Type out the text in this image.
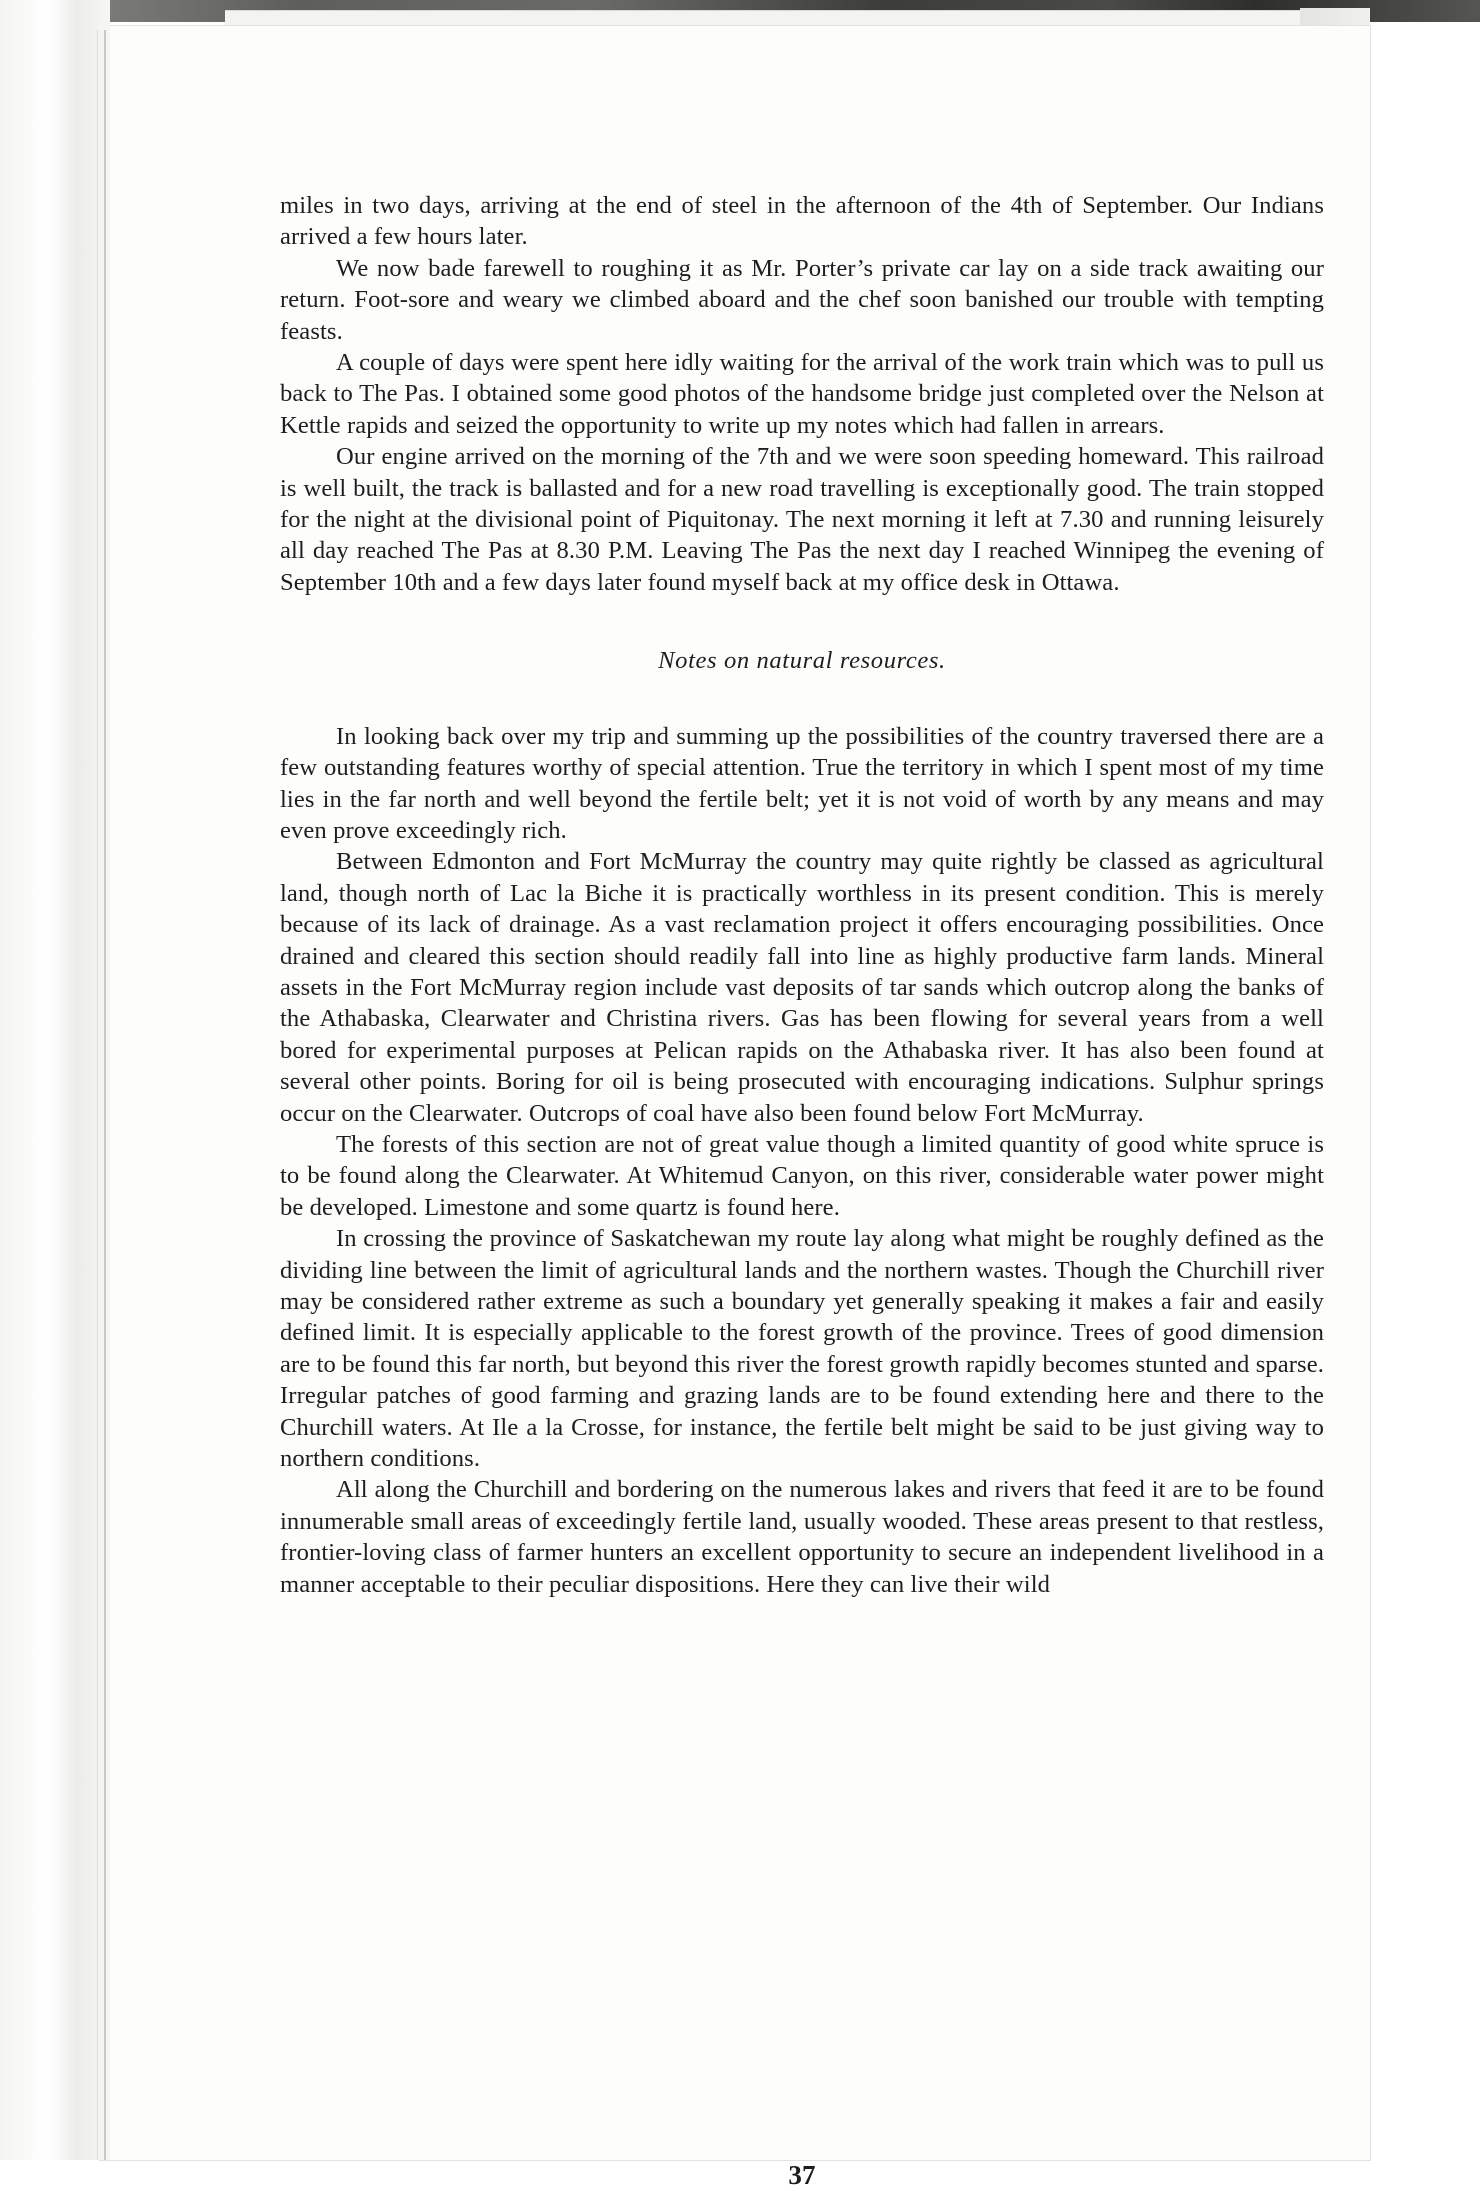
miles in two days, arriving at the end of steel in the afternoon of the 4th of September. Our Indians arrived a few hours later.

We now bade farewell to roughing it as Mr. Porter’s private car lay on a side track awaiting our return. Foot-sore and weary we climbed aboard and the chef soon banished our trouble with tempting feasts.

A couple of days were spent here idly waiting for the arrival of the work train which was to pull us back to The Pas. I obtained some good photos of the handsome bridge just completed over the Nelson at Kettle rapids and seized the opportunity to write up my notes which had fallen in arrears.

Our engine arrived on the morning of the 7th and we were soon speeding homeward. This railroad is well built, the track is ballasted and for a new road travelling is exceptionally good. The train stopped for the night at the divisional point of Piquitonay. The next morning it left at 7.30 and running leisurely all day reached The Pas at 8.30 P.M. Leaving The Pas the next day I reached Winnipeg the evening of September 10th and a few days later found myself back at my office desk in Ottawa.

Notes on natural resources.

In looking back over my trip and summing up the possibilities of the country traversed there are a few outstanding features worthy of special attention. True the territory in which I spent most of my time lies in the far north and well beyond the fertile belt; yet it is not void of worth by any means and may even prove exceedingly rich.

Between Edmonton and Fort McMurray the country may quite rightly be classed as agricultural land, though north of Lac la Biche it is practically worthless in its present condition. This is merely because of its lack of drainage. As a vast reclamation project it offers encouraging possibilities. Once drained and cleared this section should readily fall into line as highly productive farm lands. Mineral assets in the Fort McMurray region include vast deposits of tar sands which outcrop along the banks of the Athabaska, Clearwater and Christina rivers. Gas has been flowing for several years from a well bored for experimental purposes at Pelican rapids on the Athabaska river. It has also been found at several other points. Boring for oil is being prosecuted with encouraging indications. Sulphur springs occur on the Clearwater. Outcrops of coal have also been found below Fort McMurray.

The forests of this section are not of great value though a limited quantity of good white spruce is to be found along the Clearwater. At Whitemud Canyon, on this river, considerable water power might be developed. Limestone and some quartz is found here.

In crossing the province of Saskatchewan my route lay along what might be roughly defined as the dividing line between the limit of agricultural lands and the northern wastes. Though the Churchill river may be considered rather extreme as such a boundary yet generally speaking it makes a fair and easily defined limit. It is especially applicable to the forest growth of the province. Trees of good dimension are to be found this far north, but beyond this river the forest growth rapidly becomes stunted and sparse. Irregular patches of good farming and grazing lands are to be found extending here and there to the Churchill waters. At Ile a la Crosse, for instance, the fertile belt might be said to be just giving way to northern conditions.

All along the Churchill and bordering on the numerous lakes and rivers that feed it are to be found innumerable small areas of exceedingly fertile land, usually wooded. These areas present to that restless, frontier-loving class of farmer hunters an excellent opportunity to secure an independent livelihood in a manner acceptable to their peculiar dispositions. Here they can live their wild

37
